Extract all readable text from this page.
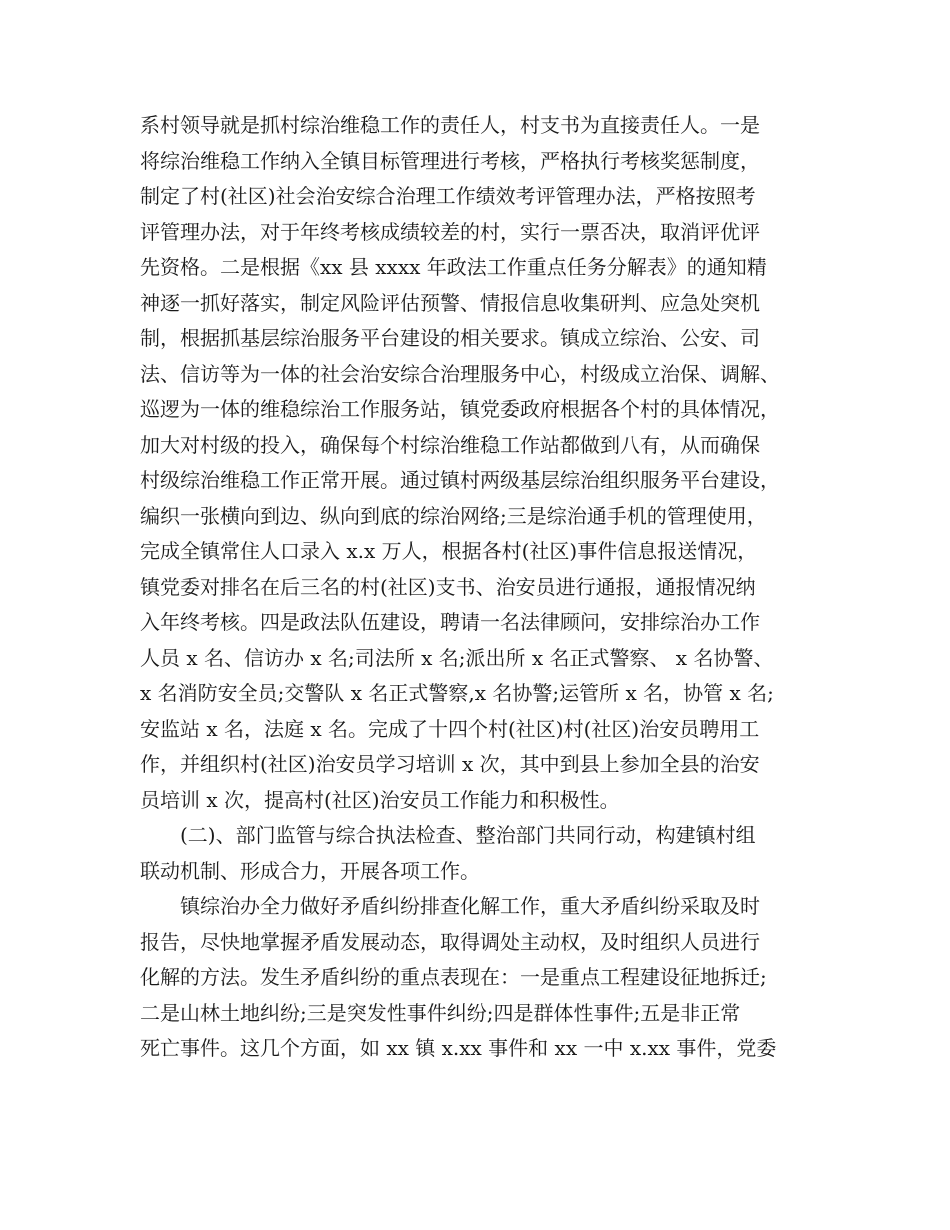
系村领导就是抓村综治维稳工作的责任人，村支书为直接责任人。一是
将综治维稳工作纳入全镇目标管理进行考核，严格执行考核奖惩制度，
制定了村(社区)社会治安综合治理工作绩效考评管理办法，严格按照考
评管理办法，对于年终考核成绩较差的村，实行一票否决，取消评优评
先资格。二是根据《xx 县 xxxx 年政法工作重点任务分解表》的通知精
神逐一抓好落实，制定风险评估预警、情报信息收集研判、应急处突机
制，根据抓基层综治服务平台建设的相关要求。镇成立综治、公安、司
法、信访等为一体的社会治安综合治理服务中心，村级成立治保、调解、
巡逻为一体的维稳综治工作服务站，镇党委政府根据各个村的具体情况，
加大对村级的投入，确保每个村综治维稳工作站都做到八有，从而确保
村级综治维稳工作正常开展。通过镇村两级基层综治组织服务平台建设，
编织一张横向到边、纵向到底的综治网络;三是综治通手机的管理使用，
完成全镇常住人口录入 x.x 万人，根据各村(社区)事件信息报送情况，
镇党委对排名在后三名的村(社区)支书、治安员进行通报，通报情况纳
入年终考核。四是政法队伍建设，聘请一名法律顾问，安排综治办工作
人员 x 名、信访办 x 名;司法所 x 名;派出所 x 名正式警察、 x 名协警、
x 名消防安全员;交警队 x 名正式警察,x 名协警;运管所 x 名，协管 x 名;
安监站 x 名，法庭 x 名。完成了十四个村(社区)村(社区)治安员聘用工
作，并组织村(社区)治安员学习培训 x 次，其中到县上参加全县的治安
员培训 x 次，提高村(社区)治安员工作能力和积极性。
(二)、部门监管与综合执法检查、整治部门共同行动，构建镇村组
联动机制、形成合力，开展各项工作。
镇综治办全力做好矛盾纠纷排查化解工作，重大矛盾纠纷采取及时
报告，尽快地掌握矛盾发展动态，取得调处主动权，及时组织人员进行
化解的方法。发生矛盾纠纷的重点表现在：一是重点工程建设征地拆迁;
二是山林土地纠纷;三是突发性事件纠纷;四是群体性事件;五是非正常
死亡事件。这几个方面，如 xx 镇 x.xx 事件和 xx 一中 x.xx 事件，党委
